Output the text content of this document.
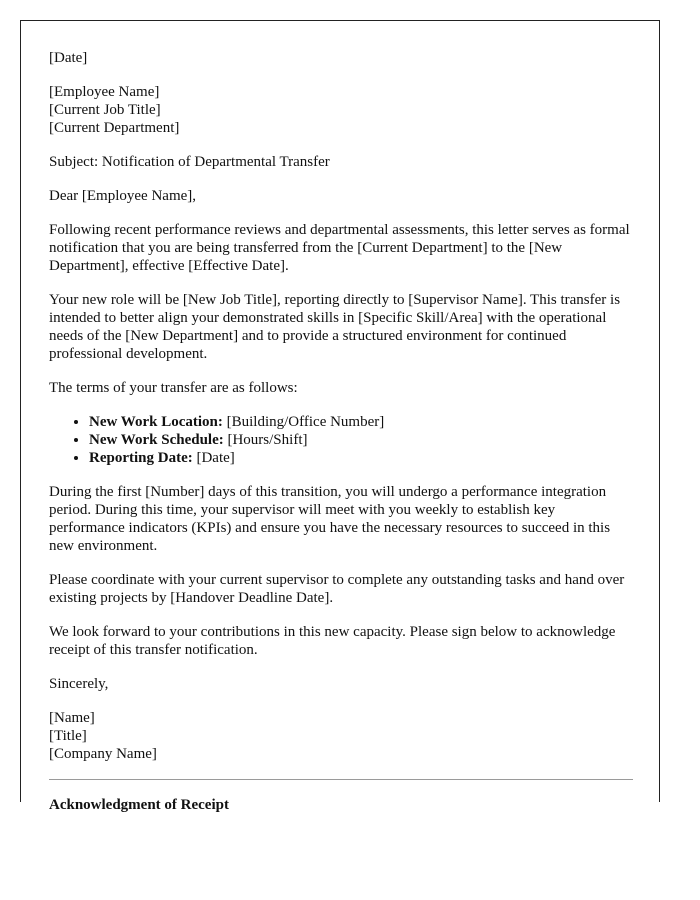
[Date]

[Employee Name]
[Current Job Title]
[Current Department]

Subject: Notification of Departmental Transfer

Dear [Employee Name],

Following recent performance reviews and departmental assessments, this letter serves as formal notification that you are being transferred from the [Current Department] to the [New Department], effective [Effective Date].

Your new role will be [New Job Title], reporting directly to [Supervisor Name]. This transfer is intended to better align your demonstrated skills in [Specific Skill/Area] with the operational needs of the [New Department] and to provide a structured environment for continued professional development.

The terms of your transfer are as follows:

• New Work Location: [Building/Office Number]
• New Work Schedule: [Hours/Shift]
• Reporting Date: [Date]

During the first [Number] days of this transition, you will undergo a performance integration period. During this time, your supervisor will meet with you weekly to establish key performance indicators (KPIs) and ensure you have the necessary resources to succeed in this new environment.

Please coordinate with your current supervisor to complete any outstanding tasks and hand over existing projects by [Handover Deadline Date].

We look forward to your contributions in this new capacity. Please sign below to acknowledge receipt of this transfer notification.

Sincerely,

[Name]
[Title]
[Company Name]

Acknowledgment of Receipt
